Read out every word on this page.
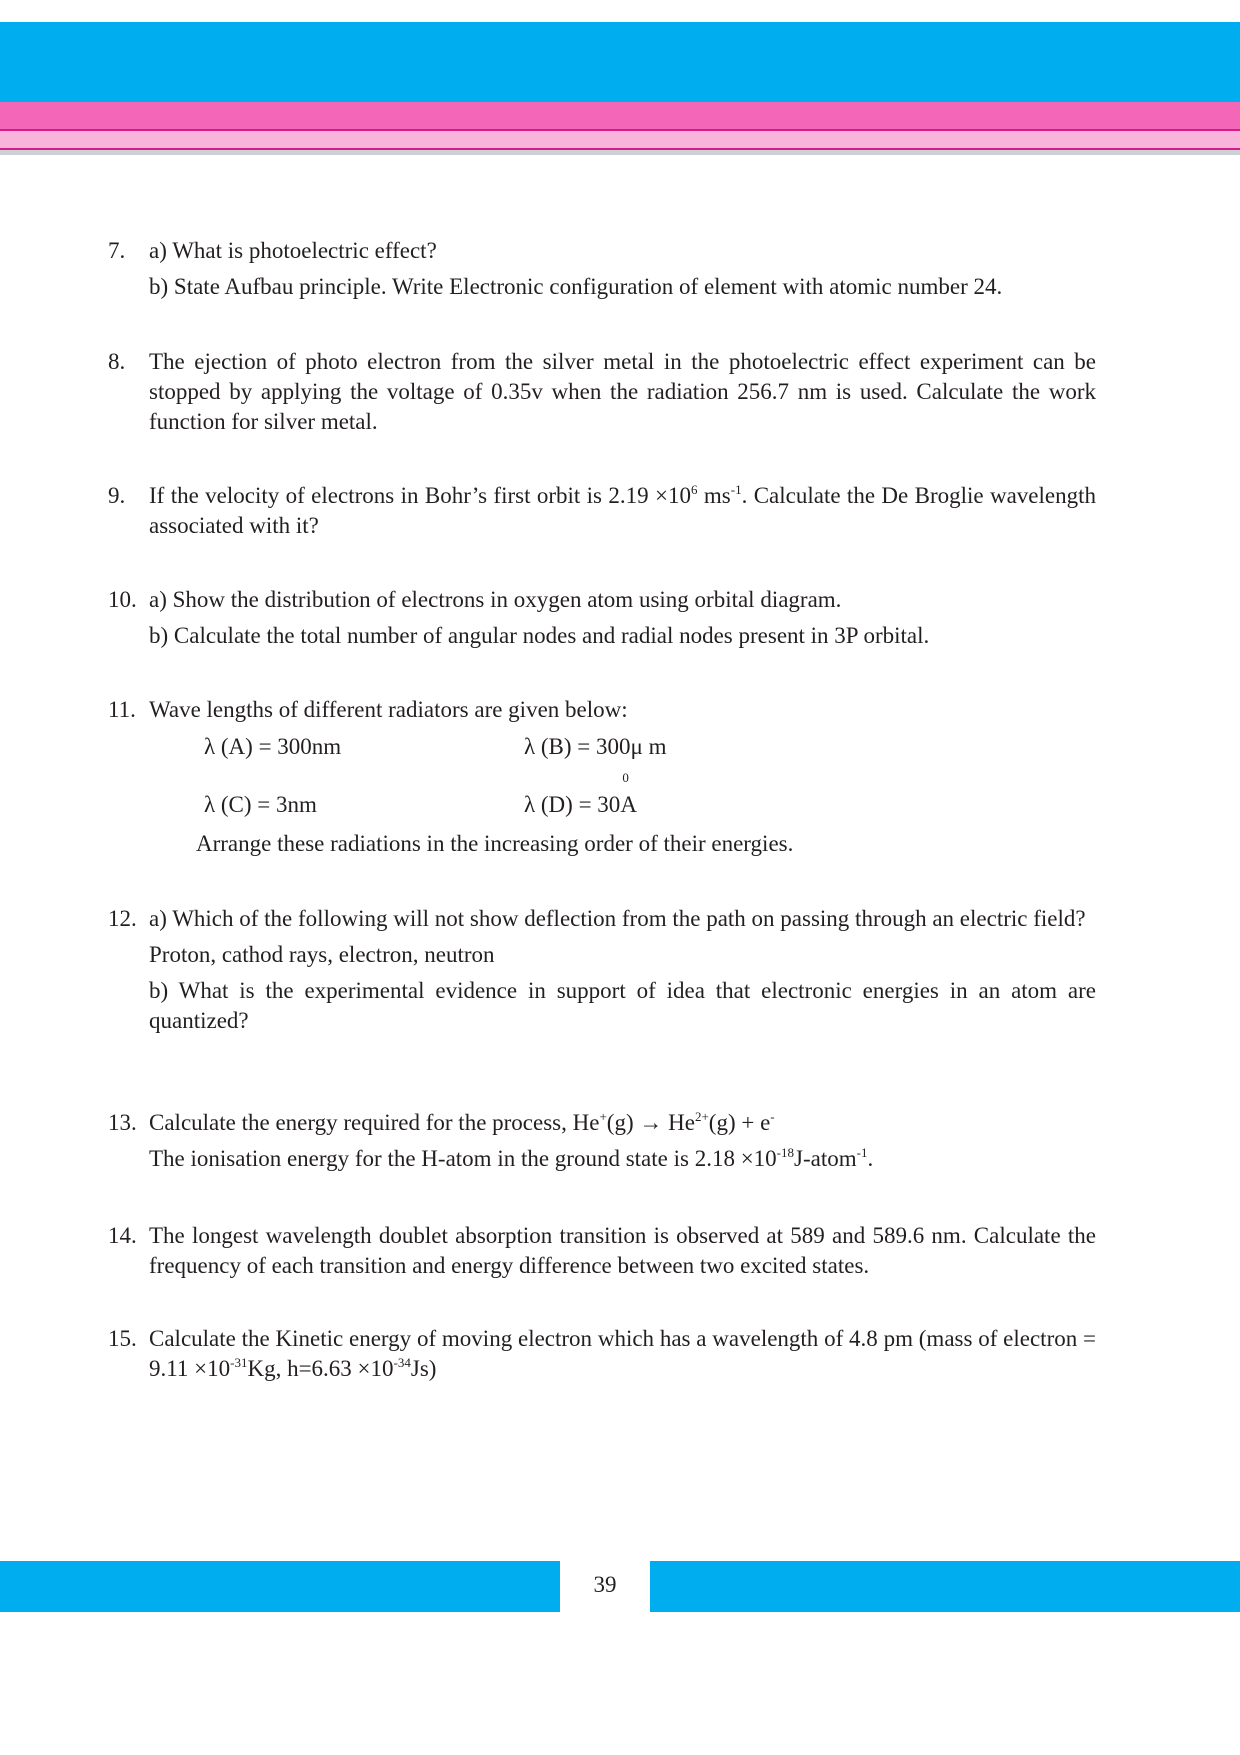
7. a) What is photoelectric effect?
b) State Aufbau principle. Write Electronic configuration of element with atomic number 24.
8. The ejection of photo electron from the silver metal in the photoelectric effect experiment can be stopped by applying the voltage of 0.35v when the radiation 256.7 nm is used. Calculate the work function for silver metal.
9. If the velocity of electrons in Bohr’s first orbit is $2.19 \times 10^6$ $ms^{-1}$. Calculate the De Broglie wavelength associated with it?
10. a) Show the distribution of electrons in oxygen atom using orbital diagram.
b) Calculate the total number of angular nodes and radial nodes present in 3P orbital.
11. Wave lengths of different radiators are given below:
λ (A) = 300nm	λ (B) = 300μ m
λ (C) = 3nm	λ (D) = 30
0
A
Arrange these radiations in the increasing order of their energies.
12. a) Which of the following will not show deflection from the path on passing through an electric field?
Proton, cathod rays, electron, neutron
b) What is the experimental evidence in support of idea that electronic energies in an atom are quantized?
13. Calculate the energy required for the process, $He^+(g) \to He^{2+}(g) + e^-$
The ionisation energy for the H-atom in the ground state is $2.18 \times 10^{-18}J-atom^{-1}$.
14. The longest wavelength doublet absorption transition is observed at 589 and 589.6 nm. Calculate the frequency of each transition and energy difference between two excited states.
15. Calculate the Kinetic energy of moving electron which has a wavelength of 4.8 pm (mass of electron = $9.11 \times 10^{-31}Kg$, $h=6.63 \times 10^{-34}Js$)
39
